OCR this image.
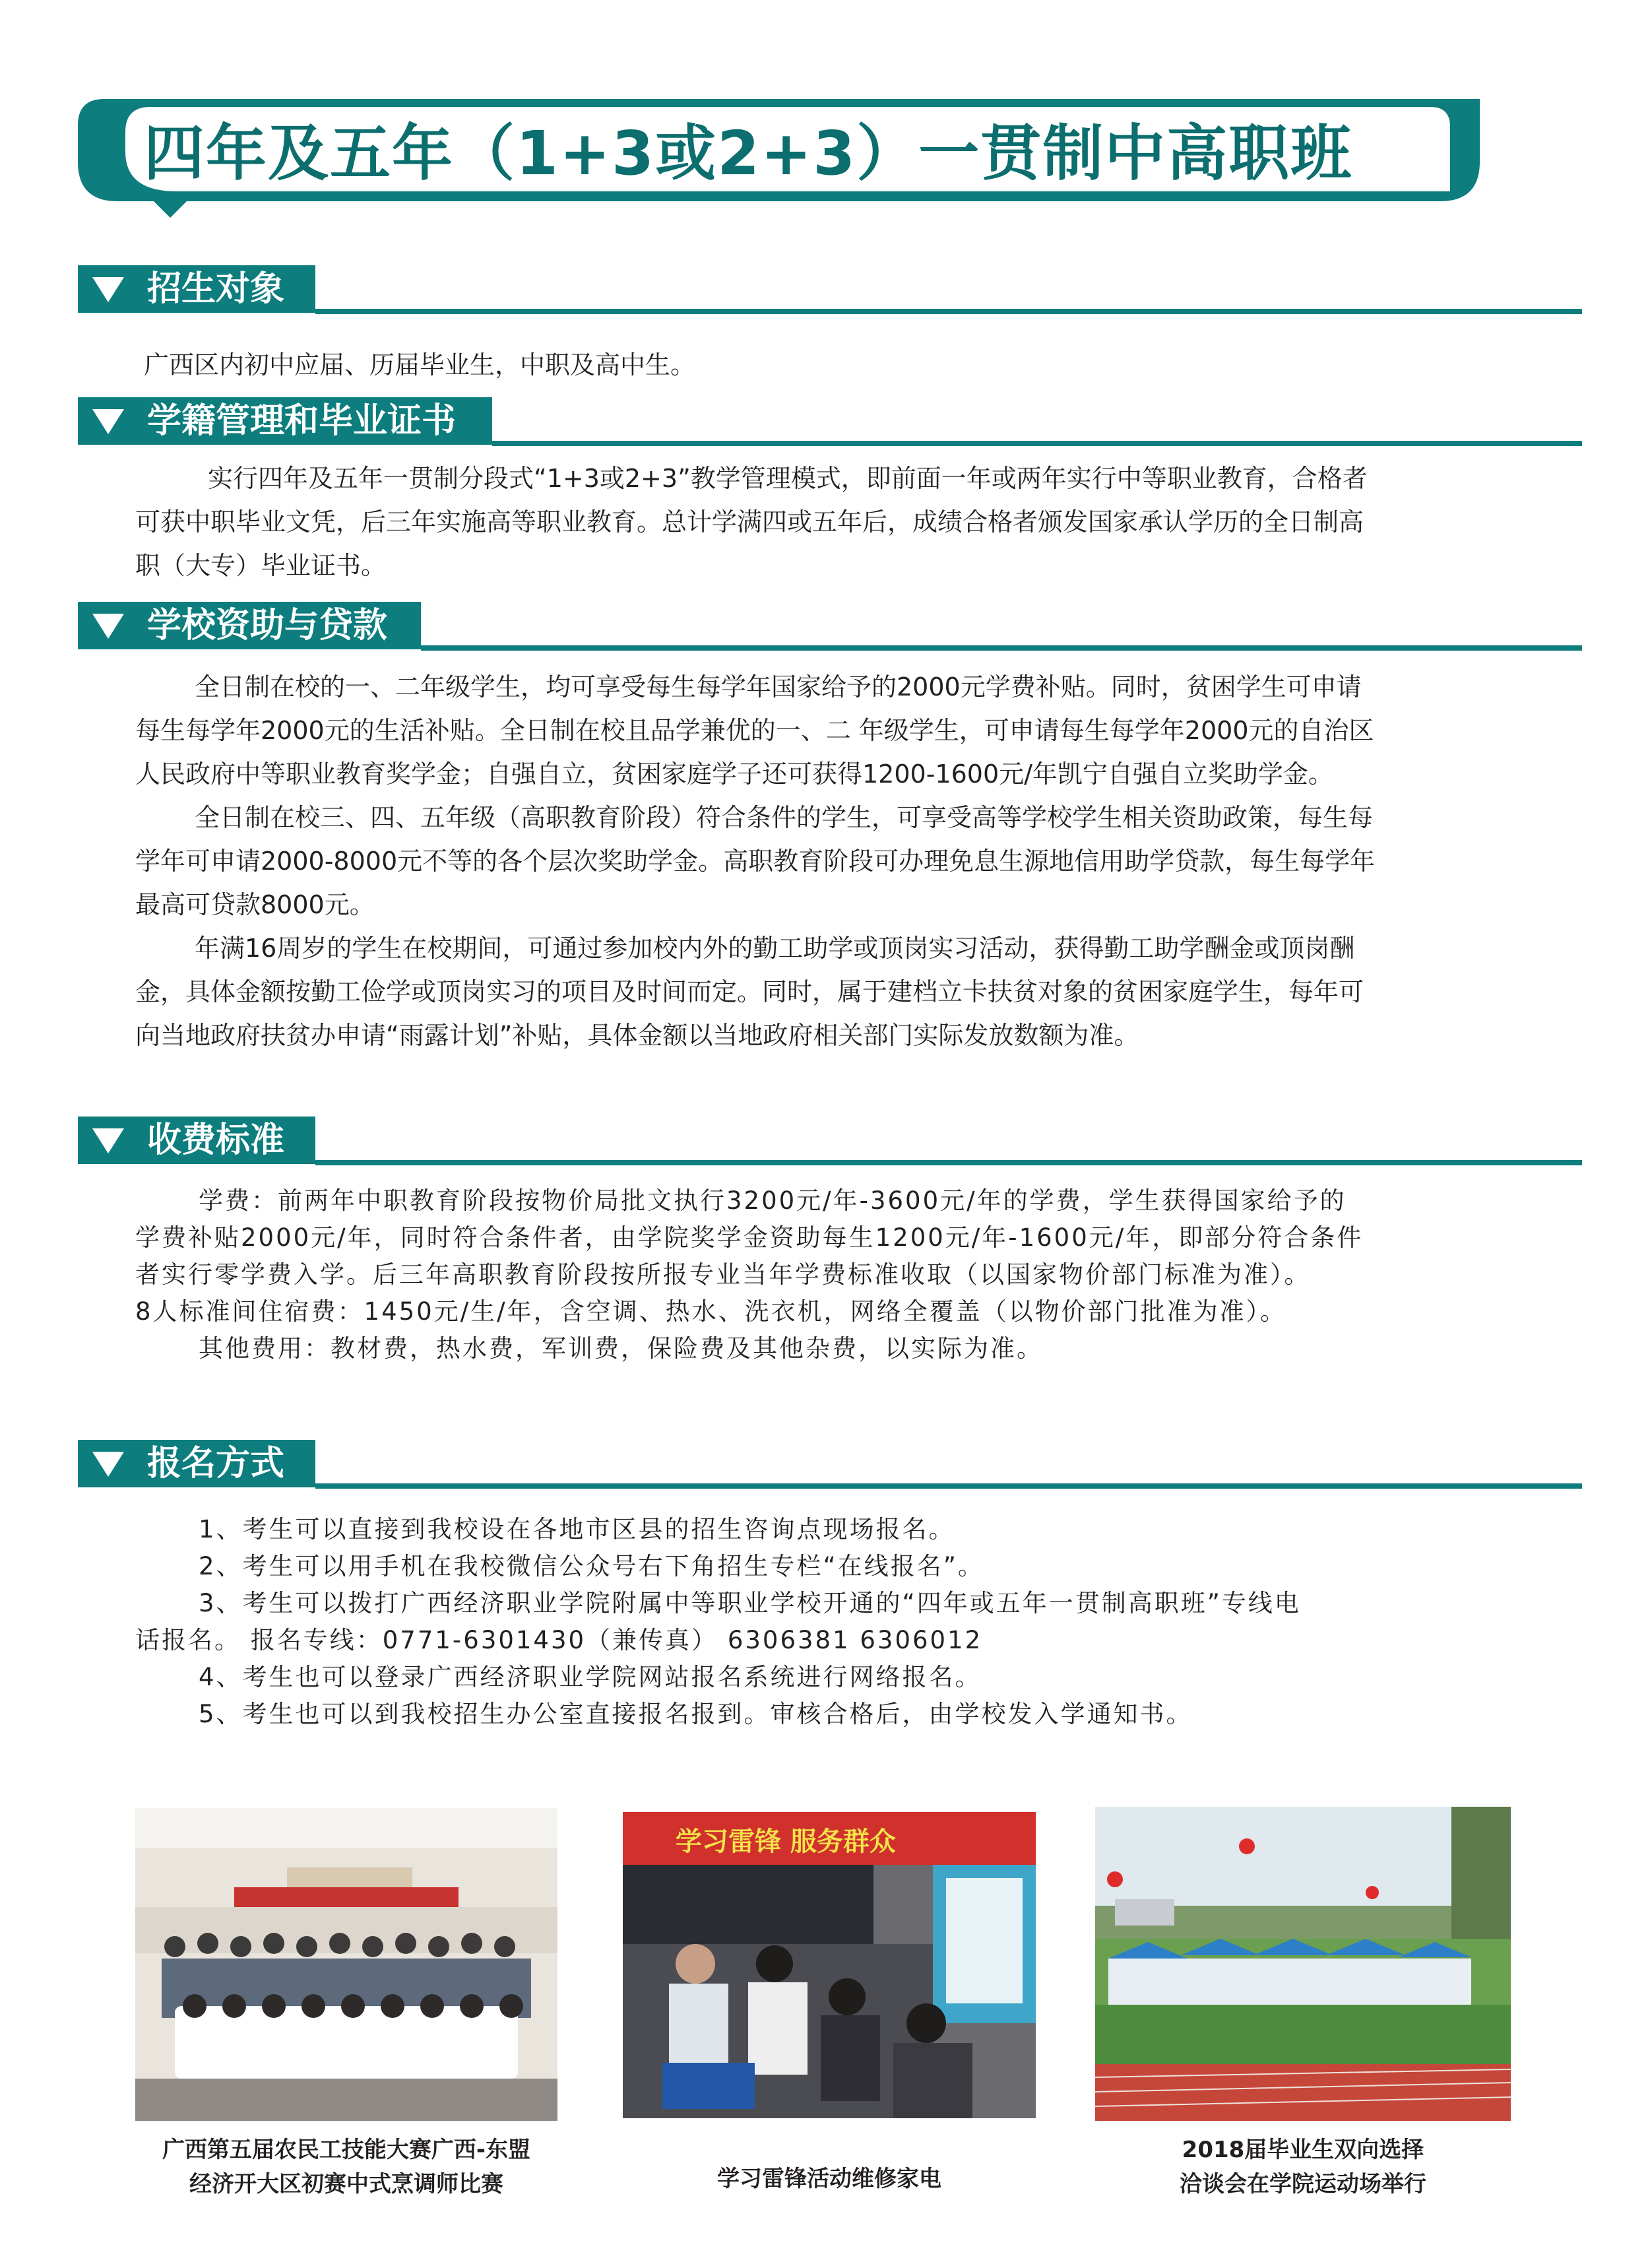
四年及五年（1+3或2+3）一贯制中高职班
招生对象
广西区内初中应届、历届毕业生，中职及高中生。
学籍管理和毕业证书
实行四年及五年一贯制分段式“1+3或2+3”教学管理模式，即前面一年或两年实行中等职业教育，合格者
可获中职毕业文凭，后三年实施高等职业教育。总计学满四或五年后，成绩合格者颁发国家承认学历的全日制高
职（大专）毕业证书。
学校资助与贷款
全日制在校的一、二年级学生，均可享受每生每学年国家给予的2000元学费补贴。同时，贫困学生可申请
每生每学年2000元的生活补贴。全日制在校且品学兼优的一、二 年级学生，可申请每生每学年2000元的自治区
人民政府中等职业教育奖学金；自强自立，贫困家庭学子还可获得1200-1600元/年凯宁自强自立奖助学金。
全日制在校三、四、五年级（高职教育阶段）符合条件的学生，可享受高等学校学生相关资助政策，每生每
学年可申请2000-8000元不等的各个层次奖助学金。高职教育阶段可办理免息生源地信用助学贷款，每生每学年
最高可贷款8000元。
年满16周岁的学生在校期间，可通过参加校内外的勤工助学或顶岗实习活动，获得勤工助学酬金或顶岗酬
金，具体金额按勤工俭学或顶岗实习的项目及时间而定。同时，属于建档立卡扶贫对象的贫困家庭学生，每年可
向当地政府扶贫办申请“雨露计划”补贴，具体金额以当地政府相关部门实际发放数额为准。
收费标准
学费：前两年中职教育阶段按物价局批文执行3200元/年-3600元/年的学费，学生获得国家给予的
学费补贴2000元/年，同时符合条件者，由学院奖学金资助每生1200元/年-1600元/年，即部分符合条件
者实行零学费入学。后三年高职教育阶段按所报专业当年学费标准收取（以国家物价部门标准为准）。
8人标准间住宿费：1450元/生/年，含空调、热水、洗衣机，网络全覆盖（以物价部门批准为准）。
其他费用：教材费，热水费，军训费，保险费及其他杂费，以实际为准。
报名方式
1、考生可以直接到我校设在各地市区县的招生咨询点现场报名。
2、考生可以用手机在我校微信公众号右下角招生专栏“在线报名”。
3、考生可以拨打广西经济职业学院附属中等职业学校开通的“四年或五年一贯制高职班”专线电
话报名。 报名专线：0771-6301430（兼传真） 6306381 6306012
4、考生也可以登录广西经济职业学院网站报名系统进行网络报名。
5、考生也可以到我校招生办公室直接报名报到。审核合格后，由学校发入学通知书。
广西第五届农民工技能大赛广西-东盟
经济开大区初赛中式烹调师比赛
学习雷锋 服务群众
学习雷锋活动维修家电
2018届毕业生双向选择
洽谈会在学院运动场举行
